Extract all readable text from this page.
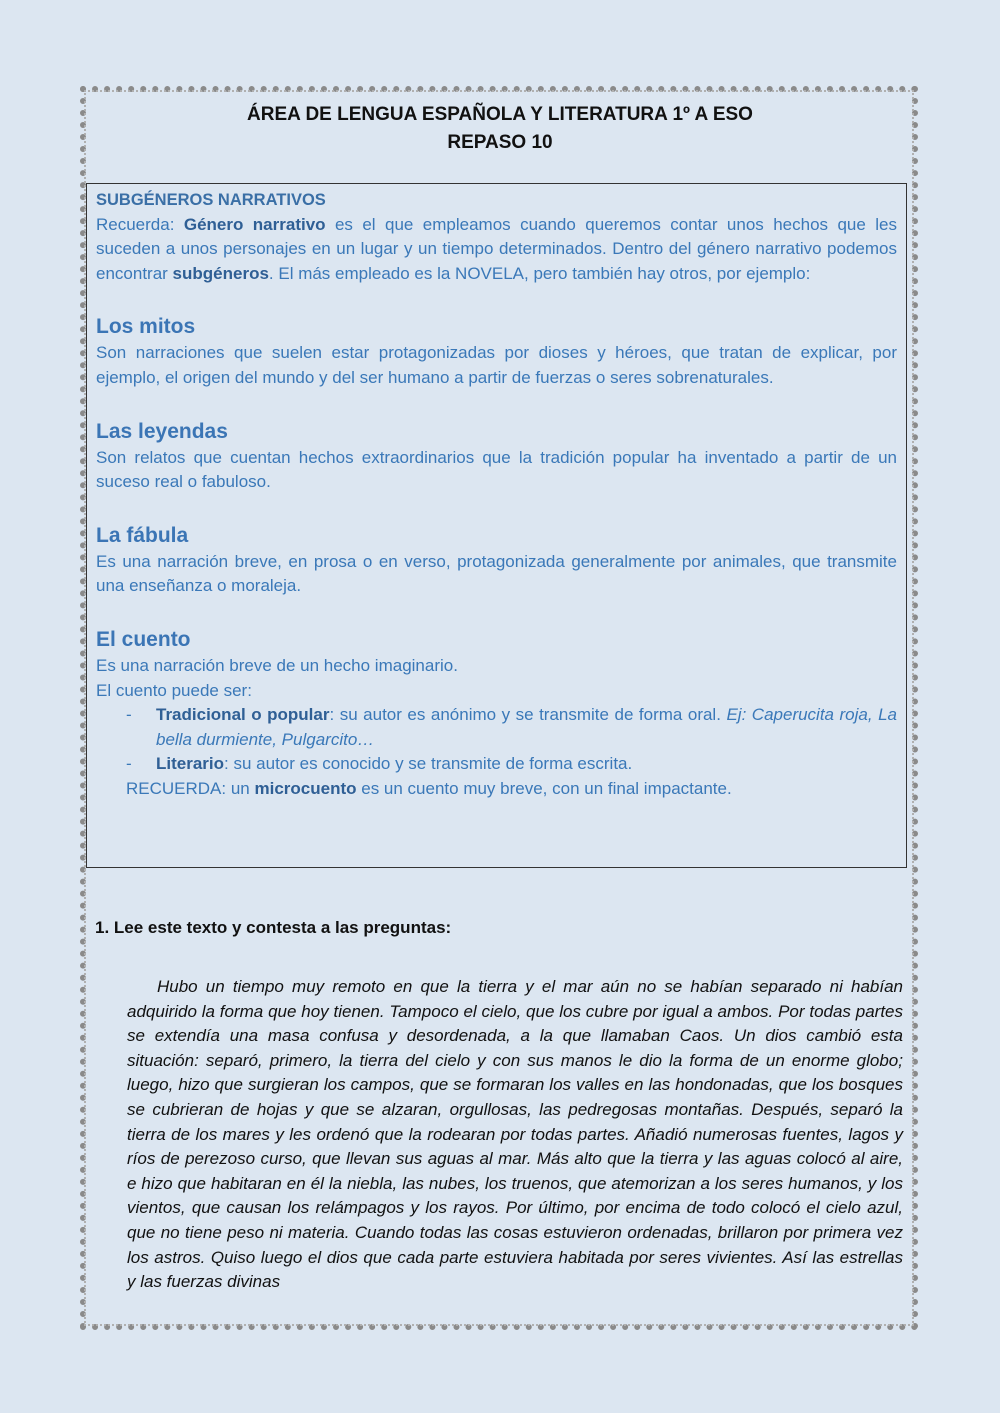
ÁREA DE LENGUA ESPAÑOLA Y LITERATURA 1º A ESO
REPASO 10

SUBGÉNEROS NARRATIVOS

Recuerda: Género narrativo es el que empleamos cuando queremos contar unos hechos que les suceden a unos personajes en un lugar y un tiempo determinados. Dentro del género narrativo podemos encontrar subgéneros. El más empleado es la NOVELA, pero también hay otros, por ejemplo:

Los mitos

Son narraciones que suelen estar protagonizadas por dioses y héroes, que tratan de explicar, por ejemplo, el origen del mundo y del ser humano a partir de fuerzas o seres sobrenaturales.

Las leyendas

Son relatos que cuentan hechos extraordinarios que la tradición popular ha inventado a partir de un suceso real o fabuloso.

La fábula

Es una narración breve, en prosa o en verso, protagonizada generalmente por animales, que transmite una enseñanza o moraleja.

El cuento

Es una narración breve de un hecho imaginario.

El cuento puede ser:

- Tradicional o popular: su autor es anónimo y se transmite de forma oral. Ej: Caperucita roja, La bella durmiente, Pulgarcito…
- Literario: su autor es conocido y se transmite de forma escrita.

RECUERDA: un microcuento es un cuento muy breve, con un final impactante.

1. Lee este texto y contesta a las preguntas:

Hubo un tiempo muy remoto en que la tierra y el mar aún no se habían separado ni habían adquirido la forma que hoy tienen. Tampoco el cielo, que los cubre por igual a ambos. Por todas partes se extendía una masa confusa y desordenada, a la que llamaban Caos. Un dios cambió esta situación: separó, primero, la tierra del cielo y con sus manos le dio la forma de un enorme globo; luego, hizo que surgieran los campos, que se formaran los valles en las hondonadas, que los bosques se cubrieran de hojas y que se alzaran, orgullosas, las pedregosas montañas. Después, separó la tierra de los mares y les ordenó que la rodearan por todas partes. Añadió numerosas fuentes, lagos y ríos de perezoso curso, que llevan sus aguas al mar. Más alto que la tierra y las aguas colocó al aire, e hizo que habitaran en él la niebla, las nubes, los truenos, que atemorizan a los seres humanos, y los vientos, que causan los relámpagos y los rayos. Por último, por encima de todo colocó el cielo azul, que no tiene peso ni materia. Cuando todas las cosas estuvieron ordenadas, brillaron por primera vez los astros. Quiso luego el dios que cada parte estuviera habitada por seres vivientes. Así las estrellas y las fuerzas divinas
